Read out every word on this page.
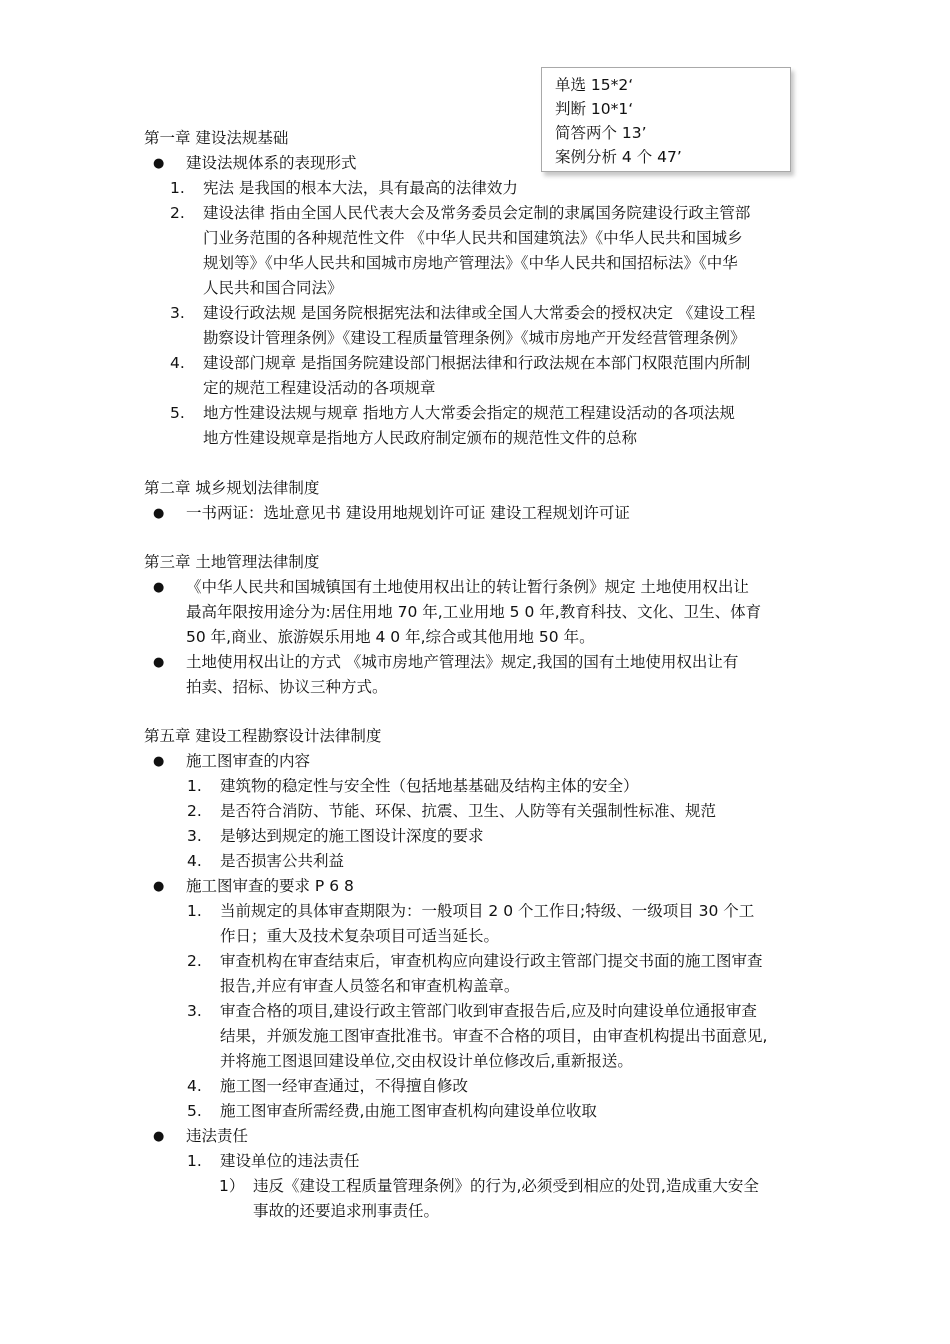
单选 15*2‘
判断 10*1‘
简答两个 13’
案例分析 4 个 47’
第一章 建设法规基础
● 建设法规体系的表现形式
1. 宪法 是我国的根本大法，具有最高的法律效力
2. 建设法律 指由全国人民代表大会及常务委员会定制的隶属国务院建设行政主管部
门业务范围的各种规范性文件 《中华人民共和国建筑法》《中华人民共和国城乡
规划等》《中华人民共和国城市房地产管理法》《中华人民共和国招标法》《中华
人民共和国合同法》
3. 建设行政法规 是国务院根据宪法和法律或全国人大常委会的授权决定 《建设工程
勘察设计管理条例》《建设工程质量管理条例》《城市房地产开发经营管理条例》
4. 建设部门规章 是指国务院建设部门根据法律和行政法规在本部门权限范围内所制
定的规范工程建设活动的各项规章
5. 地方性建设法规与规章 指地方人大常委会指定的规范工程建设活动的各项法规
地方性建设规章是指地方人民政府制定颁布的规范性文件的总称
第二章 城乡规划法律制度
● 一书两证：选址意见书 建设用地规划许可证 建设工程规划许可证
第三章 土地管理法律制度
● 《中华人民共和国城镇国有土地使用权出让的转让暂行条例》规定 土地使用权出让
最高年限按用途分为:居住用地 70 年,工业用地 5 0 年,教育科技、文化、卫生、体育
50 年,商业、旅游娱乐用地 4 0 年,综合或其他用地 50 年。
● 土地使用权出让的方式 《城市房地产管理法》规定,我国的国有土地使用权出让有
拍卖、招标、协议三种方式。
第五章 建设工程勘察设计法律制度
● 施工图审查的内容
1. 建筑物的稳定性与安全性（包括地基基础及结构主体的安全）
2. 是否符合消防、节能、环保、抗震、卫生、人防等有关强制性标准、规范
3. 是够达到规定的施工图设计深度的要求
4. 是否损害公共利益
● 施工图审查的要求 P 6 8
1. 当前规定的具体审查期限为：一般项目 2 0 个工作日;特级、一级项目 30 个工
作日；重大及技术复杂项目可适当延长。
2. 审查机构在审查结束后，审查机构应向建设行政主管部门提交书面的施工图审查
报告,并应有审查人员签名和审查机构盖章。
3. 审查合格的项目,建设行政主管部门收到审查报告后,应及时向建设单位通报审查
结果，并颁发施工图审查批准书。审查不合格的项目，由审查机构提出书面意见,
并将施工图退回建设单位,交由权设计单位修改后,重新报送。
4. 施工图一经审查通过，不得擅自修改
5. 施工图审查所需经费,由施工图审查机构向建设单位收取
● 违法责任
1. 建设单位的违法责任
1） 违反《建设工程质量管理条例》的行为,必须受到相应的处罚,造成重大安全
事故的还要追求刑事责任。
